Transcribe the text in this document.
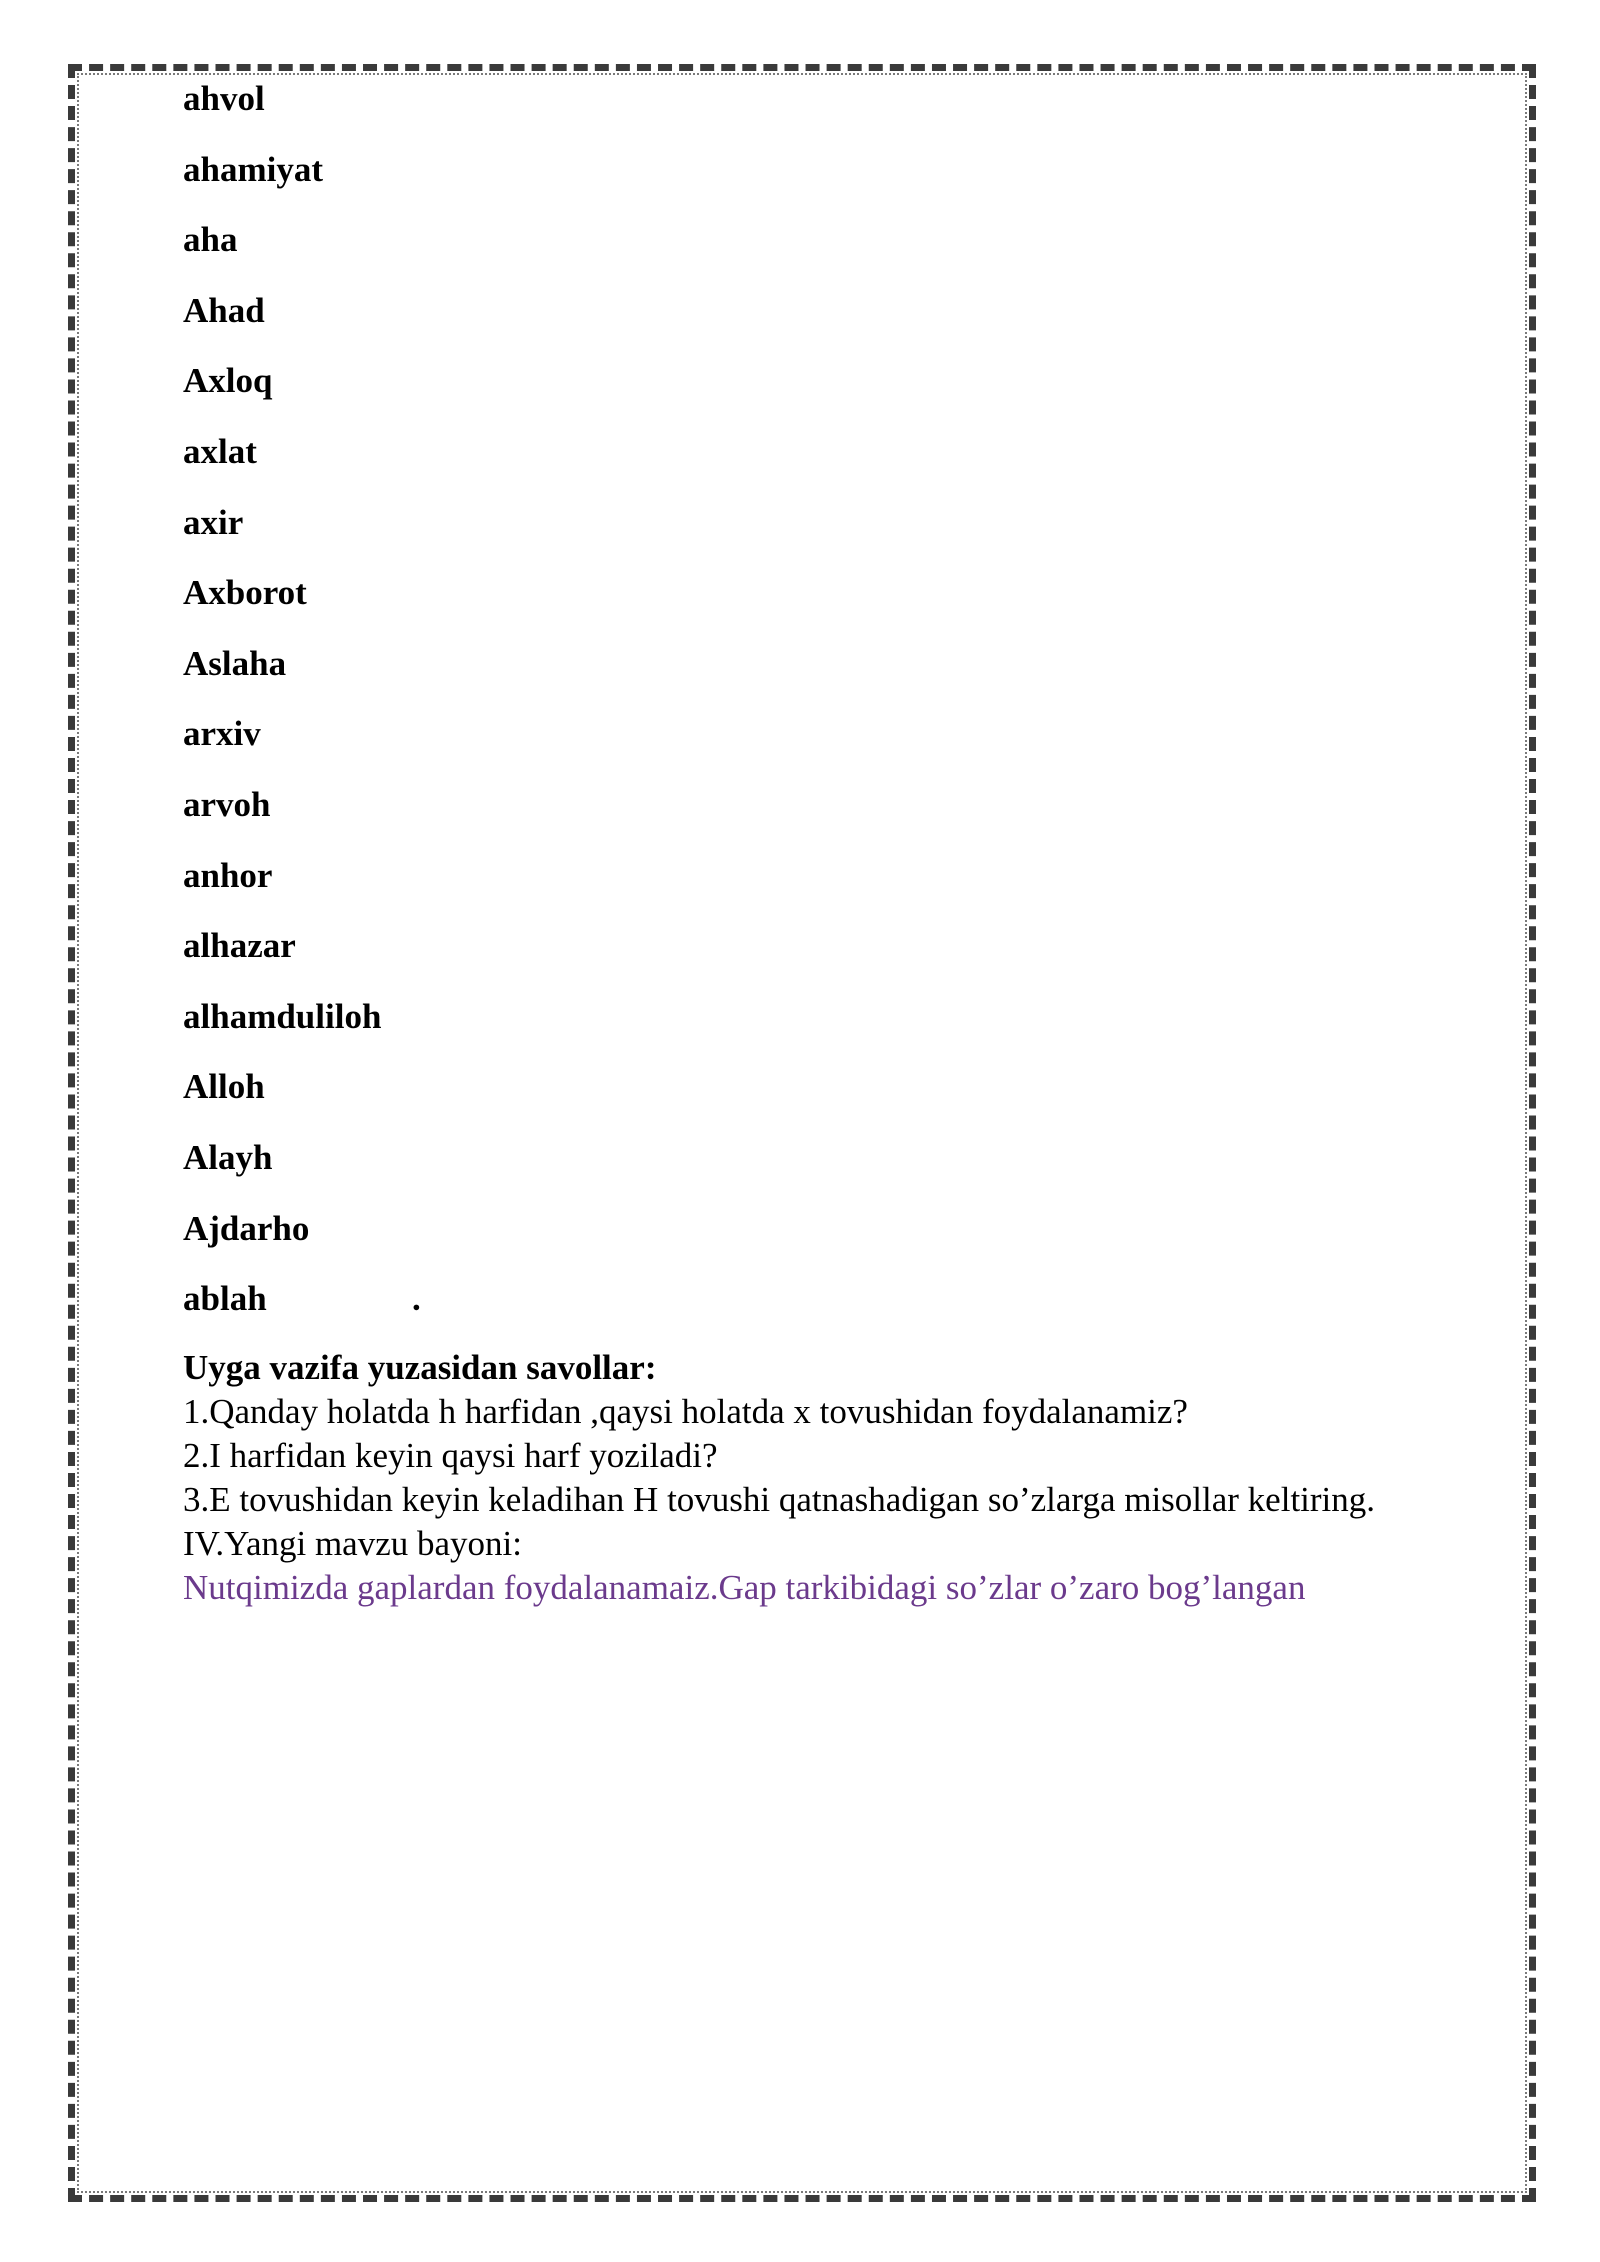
ahvol
ahamiyat
aha
Ahad
Axloq
axlat
axir
Axborot
Aslaha
arxiv
arvoh
anhor
alhazar
alhamduliloh
Alloh
Alayh
Ajdarho
ablah	.

Uyga vazifa yuzasidan savollar:

1.Qanday holatda h harfidan ,qaysi holatda x tovushidan foydalanamiz?

2.I harfidan keyin qaysi harf yoziladi?

3.E tovushidan keyin keladihan H tovushi qatnashadigan so’zlarga misollar keltiring.

IV.Yangi mavzu bayoni:

Nutqimizda gaplardan foydalanamaiz.Gap tarkibidagi so’zlar o’zaro bog’langan
